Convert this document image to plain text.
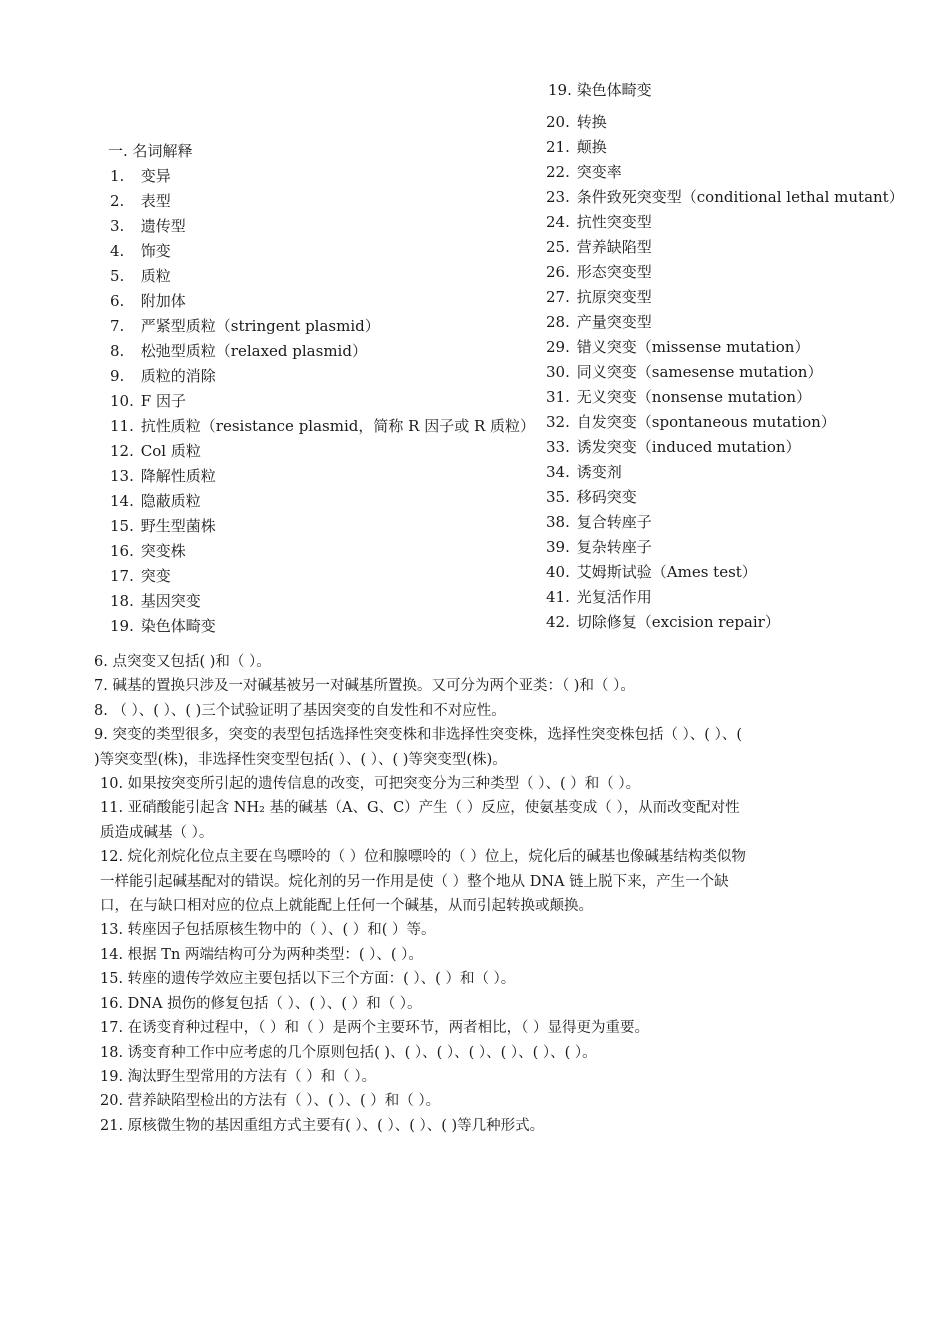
19. 染色体畸变
一. 名词解释
1. 变异
2. 表型
3. 遗传型
4. 饰变
5. 质粒
6. 附加体
7. 严紧型质粒（stringent plasmid）
8. 松弛型质粒（relaxed plasmid）
9. 质粒的消除
10. F 因子
11. 抗性质粒（resistance plasmid，简称 R 因子或 R 质粒）
12. Col 质粒
13. 降解性质粒
14. 隐蔽质粒
15. 野生型菌株
16. 突变株
17. 突变
18. 基因突变
19. 染色体畸变
20. 转换
21. 颠换
22. 突变率
23. 条件致死突变型（conditional lethal mutant）
24. 抗性突变型
25. 营养缺陷型
26. 形态突变型
27. 抗原突变型
28. 产量突变型
29. 错义突变（missense mutation）
30. 同义突变（samesense mutation）
31. 无义突变（nonsense mutation）
32. 自发突变（spontaneous mutation）
33. 诱发突变（induced mutation）
34. 诱变剂
35. 移码突变
38. 复合转座子
39. 复杂转座子
40. 艾姆斯试验（Ames test）
41. 光复活作用
42. 切除修复（excision repair）
6. 点突变又包括( )和（ ）。
7. 碱基的置换只涉及一对碱基被另一对碱基所置换。又可分为两个亚类：（ )和（ ）。
8. （ ）、( ）、( )三个试验证明了基因突变的自发性和不对应性。
9. 突变的类型很多，突变的表型包括选择性突变株和非选择性突变株，选择性突变株包括（ ）、( ）、( )等突变型(株)，非选择性突变型包括( ）、( ）、( )等突变型(株)。
10. 如果按突变所引起的遗传信息的改变，可把突变分为三种类型（ ）、( ）和（ ）。
11. 亚硝酸能引起含 NH₂ 基的碱基（A、G、C）产生（ ）反应，使氨基变成（ ），从而改变配对性质造成碱基（ ）。
12. 烷化剂烷化位点主要在鸟嘌呤的（ ）位和腺嘌呤的（ ）位上，烷化后的碱基也像碱基结构类似物一样能引起碱基配对的错误。烷化剂的另一作用是使（ ）整个地从 DNA 链上脱下来，产生一个缺口，在与缺口相对应的位点上就能配上任何一个碱基，从而引起转换或颠换。
13. 转座因子包括原核生物中的（ ）、( ）和( ）等。
14. 根据 Tn 两端结构可分为两种类型：( ）、( ）。
15. 转座的遗传学效应主要包括以下三个方面：( ）、( ）和（ ）。
16. DNA 损伤的修复包括（ ）、( ）、( ）和（ ）。
17. 在诱变育种过程中，（ ）和（ ）是两个主要环节，两者相比，（ ）显得更为重要。
18. 诱变育种工作中应考虑的几个原则包括( )、( ）、( ）、( ）、( ）、( ）、( ）。
19. 淘汰野生型常用的方法有（ ）和（ ）。
20. 营养缺陷型检出的方法有（ ）、( ）、( ）和（ ）。
21. 原核微生物的基因重组方式主要有( ）、( ）、( ）、( )等几种形式。
